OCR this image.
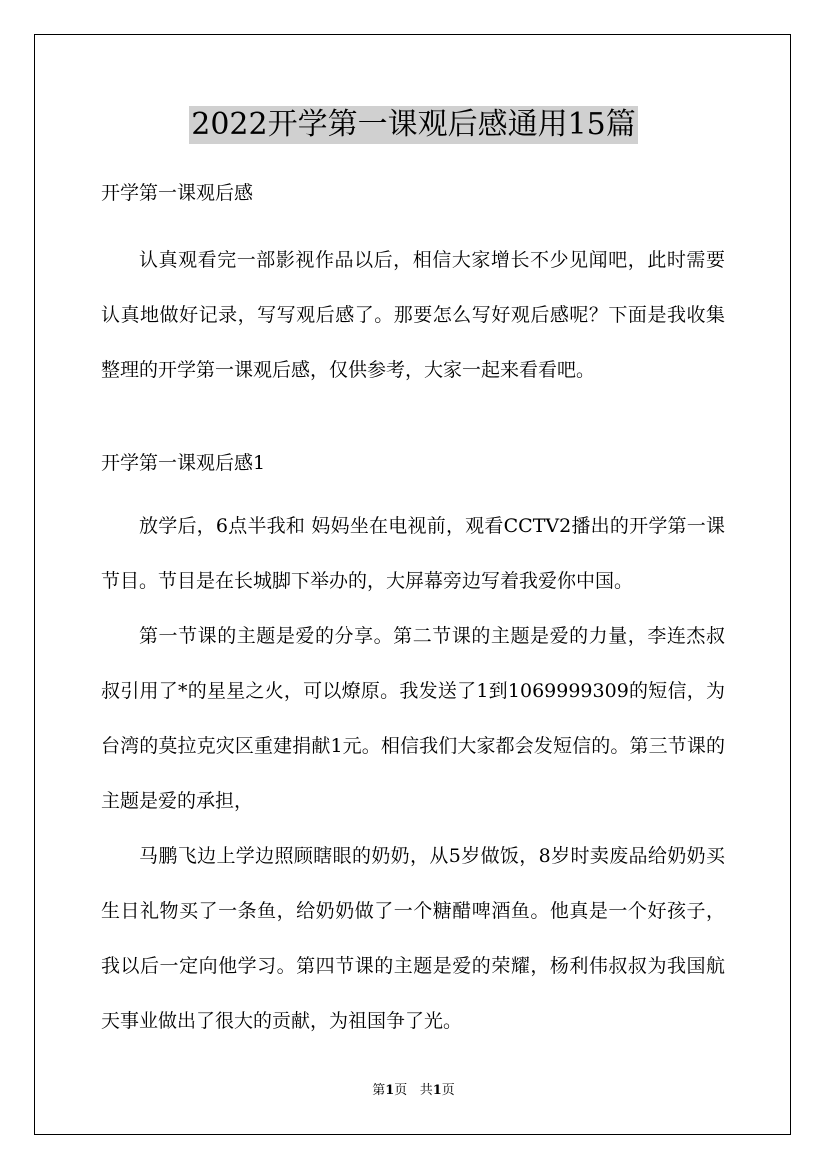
2022开学第一课观后感通用15篇

开学第一课观后感

认真观看完一部影视作品以后，相信大家增长不少见闻吧，此时需要认真地做好记录，写写观后感了。那要怎么写好观后感呢？下面是我收集整理的开学第一课观后感，仅供参考，大家一起来看看吧。

开学第一课观后感1

放学后，6点半我和 妈妈坐在电视前，观看CCTV2播出的开学第一课节目。节目是在长城脚下举办的，大屏幕旁边写着我爱你中国。

第一节课的主题是爱的分享。第二节课的主题是爱的力量，李连杰叔叔引用了*的星星之火，可以燎原。我发送了1到1069999309的短信，为台湾的莫拉克灾区重建捐献1元。相信我们大家都会发短信的。第三节课的主题是爱的承担，

马鹏飞边上学边照顾瞎眼的奶奶，从5岁做饭，8岁时卖废品给奶奶买生日礼物买了一条鱼，给奶奶做了一个糖醋啤酒鱼。他真是一个好孩子，我以后一定向他学习。第四节课的主题是爱的荣耀，杨利伟叔叔为我国航天事业做出了很大的贡献，为祖国争了光。

第1页 共1页
